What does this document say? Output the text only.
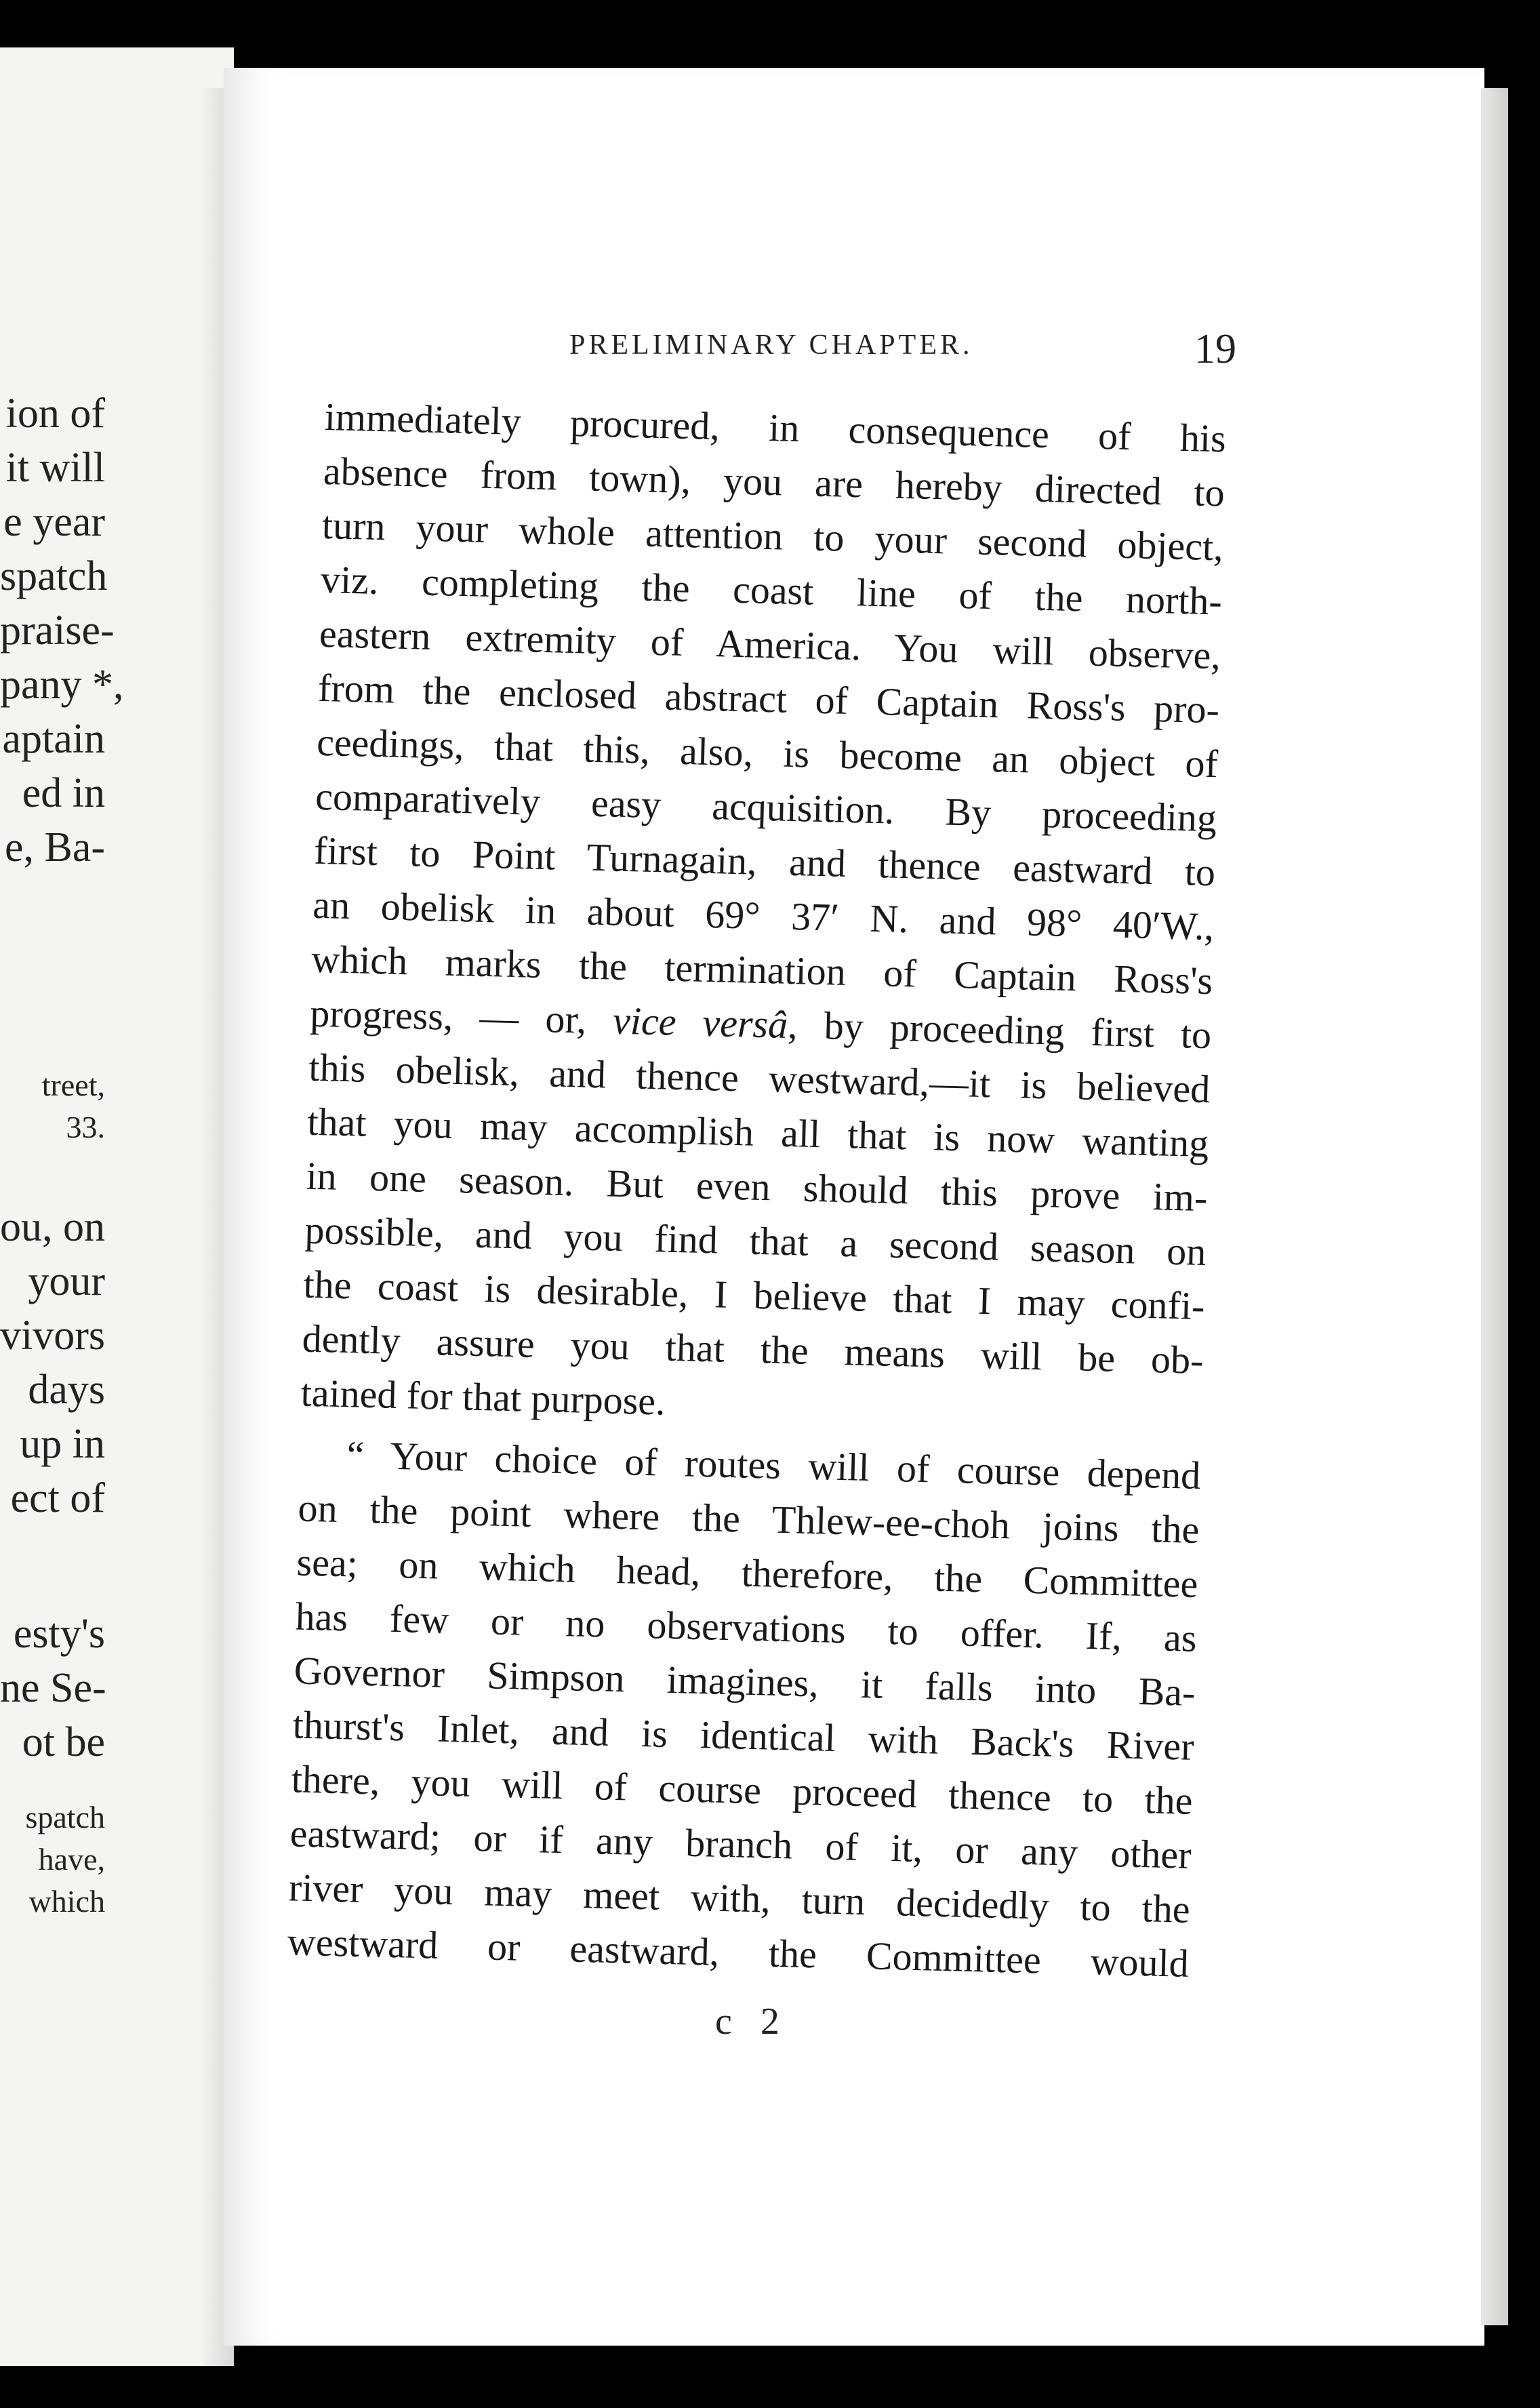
ion of
it will
e year
spatch
praise-
pany *,
aptain
ed in
e, Ba-
treet,
33.
ou, on
your
vivors
days
up in
ect of
esty's
ne Se-
ot be
spatch
have,
which
PRELIMINARY CHAPTER.	19
immediately procured, in consequence of his
absence from town), you are hereby directed to
turn your whole attention to your second object,
viz. completing the coast line of the north-
eastern extremity of America. You will observe,
from the enclosed abstract of Captain Ross's pro-
ceedings, that this, also, is become an object of
comparatively easy acquisition. By proceeding
first to Point Turnagain, and thence eastward to
an obelisk in about 69° 37′ N. and 98° 40′W.,
which marks the termination of Captain Ross's
progress, — or, vice versâ, by proceeding first to
this obelisk, and thence westward,—it is believed
that you may accomplish all that is now wanting
in one season. But even should this prove im-
possible, and you find that a second season on
the coast is desirable, I believe that I may confi-
dently assure you that the means will be ob-
tained for that purpose.
“ Your choice of routes will of course depend
on the point where the Thlew-ee-choh joins the
sea; on which head, therefore, the Committee
has few or no observations to offer. If, as
Governor Simpson imagines, it falls into Ba-
thurst's Inlet, and is identical with Back's River
there, you will of course proceed thence to the
eastward; or if any branch of it, or any other
river you may meet with, turn decidedly to the
westward or eastward, the Committee would
c 2
